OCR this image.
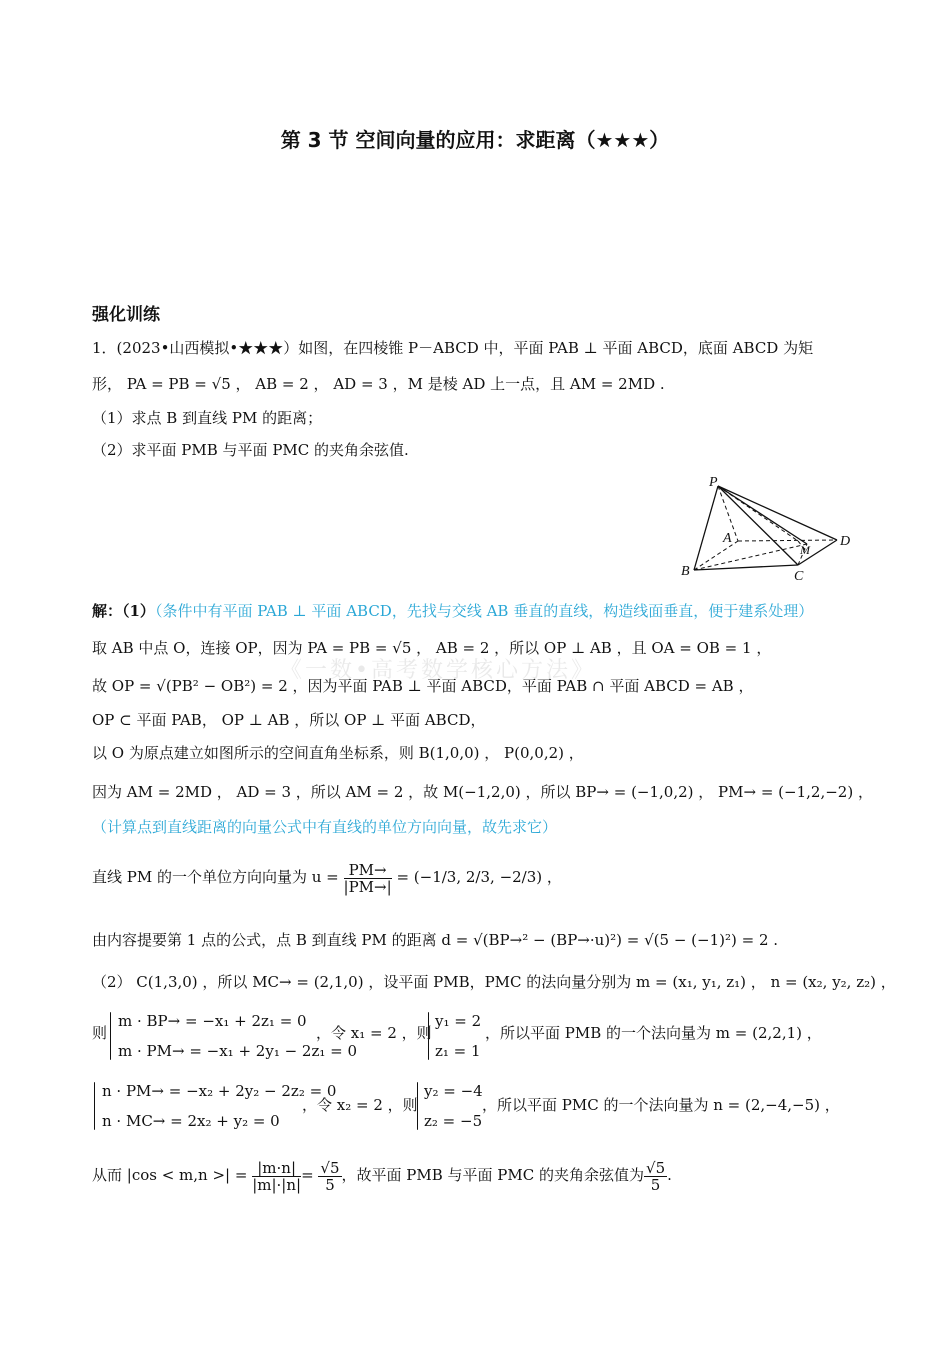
第 3 节 空间向量的应用：求距离（★★★）
强化训练
1．(2023•山西模拟•★★★）如图，在四棱锥 P－ABCD 中，平面 PAB ⊥ 平面 ABCD，底面 ABCD 为矩
形， PA = PB = √5 ， AB = 2 ， AD = 3 ，M 是棱 AD 上一点，且 AM = 2MD .
（1）求点 B 到直线 PM 的距离；
（2）求平面 PMB 与平面 PMC 的夹角余弦值.
P
A
M
D
B	C
解：（1）（条件中有平面 PAB ⊥ 平面 ABCD，先找与交线 AB 垂直的直线，构造线面垂直，便于建系处理）
《一数•高考数学核心方法》
取 AB 中点 O，连接 OP，因为 PA = PB = √5 ， AB = 2 ，所以 OP ⊥ AB ，且 OA = OB = 1 ，
故 OP = √(PB² − OB²) = 2 ，因为平面 PAB ⊥ 平面 ABCD，平面 PAB ∩ 平面 ABCD = AB ，
OP ⊂ 平面 PAB， OP ⊥ AB ，所以 OP ⊥ 平面 ABCD，
以 O 为原点建立如图所示的空间直角坐标系，则 B(1,0,0) ， P(0,0,2) ，
因为 AM = 2MD ， AD = 3 ，所以 AM = 2 ，故 M(−1,2,0) ，所以 BP→ = (−1,0,2) ， PM→ = (−1,2,−2) ，
（计算点到直线距离的向量公式中有直线的单位方向向量，故先求它）
直线 PM 的一个单位方向向量为 $u = \frac{PM\to}{|PM\to|} = (-1/3$, 2/3, −2/3) ，
由内容提要第 1 点的公式，点 B 到直线 PM 的距离 d = √(BP→² − (BP→·u)²) = √(5 − (−1)²) = 2 .
（2） C(1,3,0) ，所以 MC→ = (2,1,0) ，设平面 PMB，PMC 的法向量分别为 m = (x₁, y₁, z₁) ， n = (x₂, y₂, z₂) ，
则
m · BP→ = −x₁ + 2z₁ = 0
m · PM→ = −x₁ + 2y₁ − 2z₁ = 0
，令 x₁ = 2 ，则
y₁ = 2
z₁ = 1
，所以平面 PMB 的一个法向量为 m = (2,2,1) ，
n · PM→ = −x₂ + 2y₂ − 2z₂ = 0
n · MC→ = 2x₂ + y₂ = 0
，令 x₂ = 2 ，则
y₂ = −4
z₂ = −5
，所以平面 PMC 的一个法向量为 n = (2,−4,−5) ，
从而 |cos < m,n >| = $\frac{|m\cdot n|}{|m|\cdot|n|} = \frac{√5}{5}$ ，故平面 PMB 与平面 PMC 的夹角余弦值为 $\frac{√5}{5}$ .
